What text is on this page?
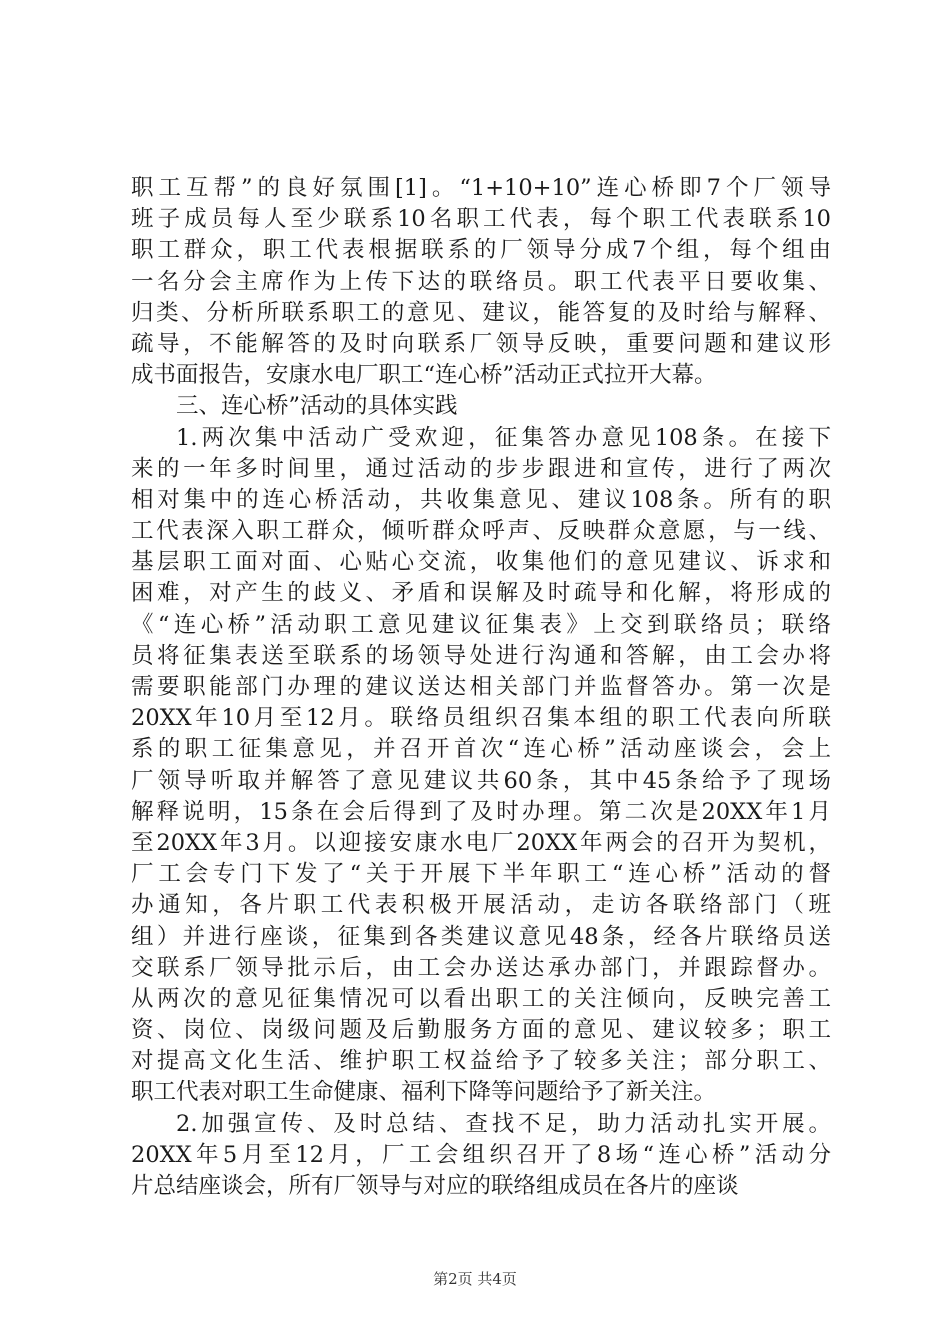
职工互帮”的良好氛围[1]。“1+10+10”连心桥即7个厂领导
班子成员每人至少联系10名职工代表，每个职工代表联系10
职工群众，职工代表根据联系的厂领导分成7个组，每个组由
一名分会主席作为上传下达的联络员。职工代表平日要收集、
归类、分析所联系职工的意见、建议，能答复的及时给与解释、
疏导，不能解答的及时向联系厂领导反映，重要问题和建议形
成书面报告，安康水电厂职工“连心桥”活动正式拉开大幕。
三、连心桥”活动的具体实践
1.两次集中活动广受欢迎，征集答办意见108条。在接下
来的一年多时间里，通过活动的步步跟进和宣传，进行了两次
相对集中的连心桥活动，共收集意见、建议108条。所有的职
工代表深入职工群众，倾听群众呼声、反映群众意愿，与一线、
基层职工面对面、心贴心交流，收集他们的意见建议、诉求和
困难，对产生的歧义、矛盾和误解及时疏导和化解，将形成的
《“连心桥”活动职工意见建议征集表》上交到联络员；联络
员将征集表送至联系的场领导处进行沟通和答解，由工会办将
需要职能部门办理的建议送达相关部门并监督答办。第一次是
20XX年10月至12月。联络员组织召集本组的职工代表向所联
系的职工征集意见，并召开首次“连心桥”活动座谈会，会上
厂领导听取并解答了意见建议共60条，其中45条给予了现场
解释说明，15条在会后得到了及时办理。第二次是20XX年1月
至20XX年3月。以迎接安康水电厂20XX年两会的召开为契机，
厂工会专门下发了“关于开展下半年职工“连心桥”活动的督
办通知，各片职工代表积极开展活动，走访各联络部门（班
组）并进行座谈，征集到各类建议意见48条，经各片联络员送
交联系厂领导批示后，由工会办送达承办部门，并跟踪督办。
从两次的意见征集情况可以看出职工的关注倾向，反映完善工
资、岗位、岗级问题及后勤服务方面的意见、建议较多；职工
对提高文化生活、维护职工权益给予了较多关注；部分职工、
职工代表对职工生命健康、福利下降等问题给予了新关注。
2.加强宣传、及时总结、查找不足，助力活动扎实开展。
20XX年5月至12月，厂工会组织召开了8场“连心桥”活动分
片总结座谈会，所有厂领导与对应的联络组成员在各片的座谈
第2页 共4页
